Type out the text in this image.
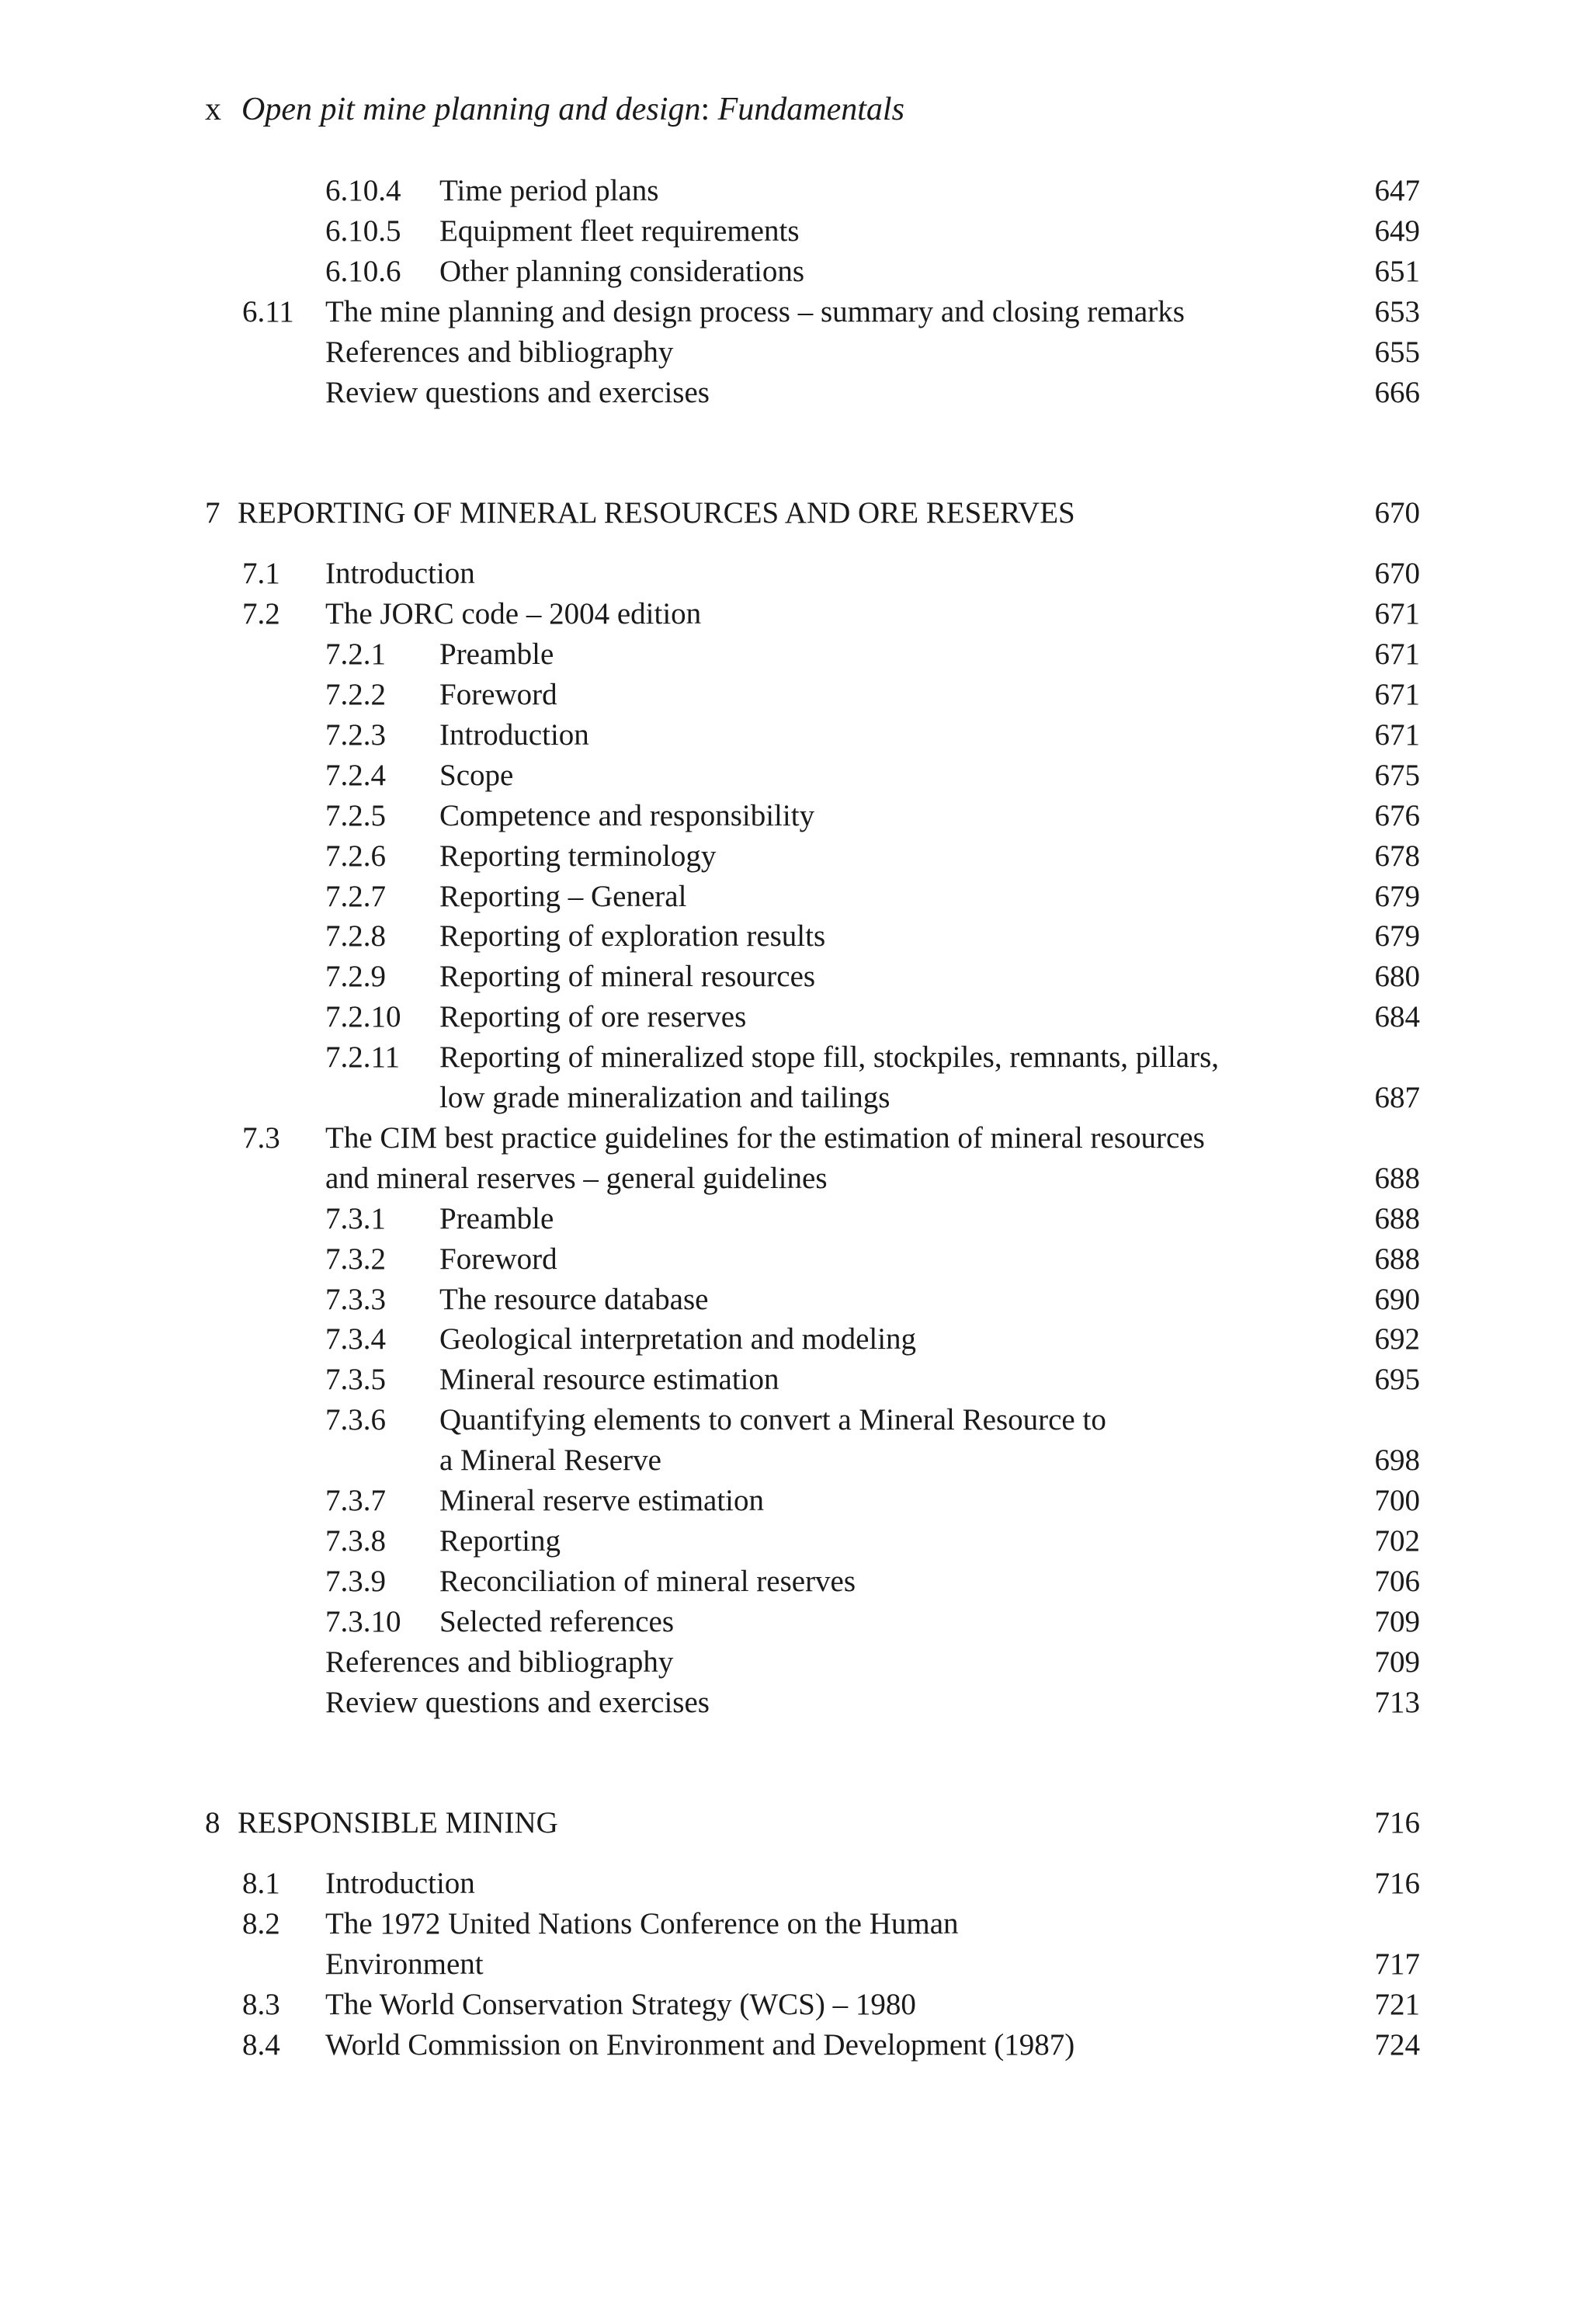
x Open pit mine planning and design: Fundamentals
6.10.4 Time period plans	647
6.10.5 Equipment fleet requirements	649
6.10.6 Other planning considerations	651
6.11 The mine planning and design process – summary and closing remarks	653
References and bibliography	655
Review questions and exercises	666
7 REPORTING OF MINERAL RESOURCES AND ORE RESERVES	670
7.1 Introduction	670
7.2 The JORC code – 2004 edition	671
7.2.1 Preamble	671
7.2.2 Foreword	671
7.2.3 Introduction	671
7.2.4 Scope	675
7.2.5 Competence and responsibility	676
7.2.6 Reporting terminology	678
7.2.7 Reporting – General	679
7.2.8 Reporting of exploration results	679
7.2.9 Reporting of mineral resources	680
7.2.10 Reporting of ore reserves	684
7.2.11 Reporting of mineralized stope fill, stockpiles, remnants, pillars,
low grade mineralization and tailings	687
7.3 The CIM best practice guidelines for the estimation of mineral resources
and mineral reserves – general guidelines	688
7.3.1 Preamble	688
7.3.2 Foreword	688
7.3.3 The resource database	690
7.3.4 Geological interpretation and modeling	692
7.3.5 Mineral resource estimation	695
7.3.6 Quantifying elements to convert a Mineral Resource to
a Mineral Reserve	698
7.3.7 Mineral reserve estimation	700
7.3.8 Reporting	702
7.3.9 Reconciliation of mineral reserves	706
7.3.10 Selected references	709
References and bibliography	709
Review questions and exercises	713
8 RESPONSIBLE MINING	716
8.1 Introduction	716
8.2 The 1972 United Nations Conference on the Human
Environment	717
8.3 The World Conservation Strategy (WCS) – 1980	721
8.4 World Commission on Environment and Development (1987)	724
